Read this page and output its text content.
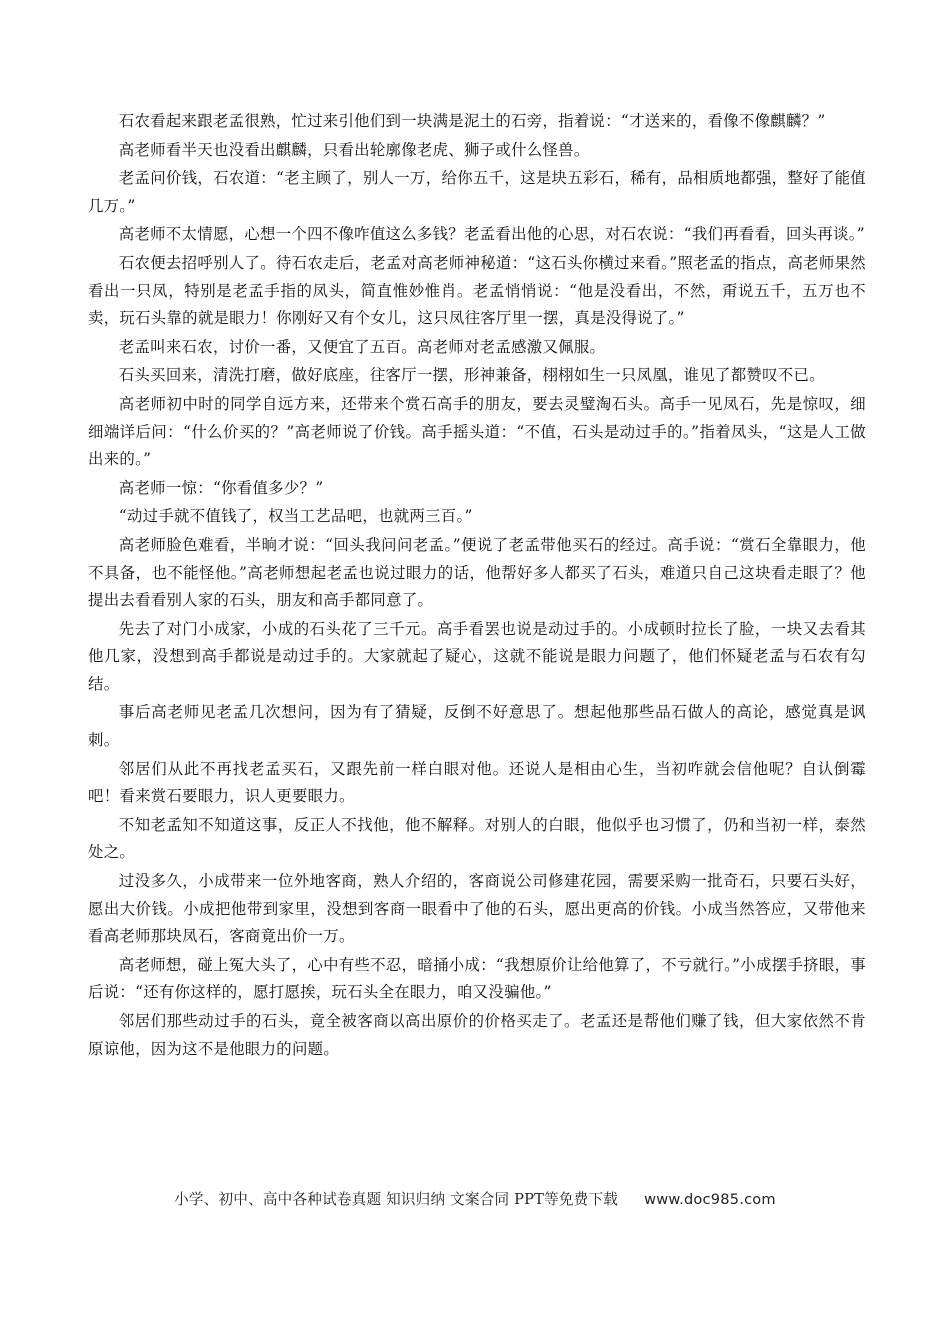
石农看起来跟老孟很熟，忙过来引他们到一块满是泥土的石旁，指着说：“才送来的，看像不像麒麟？”

高老师看半天也没看出麒麟，只看出轮廓像老虎、狮子或什么怪兽。

老孟问价钱，石农道：“老主顾了，别人一万，给你五千，这是块五彩石，稀有，品相质地都强，整好了能值几万。”

高老师不太情愿，心想一个四不像咋值这么多钱？老孟看出他的心思，对石农说：“我们再看看，回头再谈。”

石农便去招呼别人了。待石农走后，老孟对高老师神秘道：“这石头你横过来看。”照老孟的指点，高老师果然看出一只凤，特别是老孟手指的凤头，简直惟妙惟肖。老孟悄悄说：“他是没看出，不然，甭说五千，五万也不卖，玩石头靠的就是眼力！你刚好又有个女儿，这只凤往客厅里一摆，真是没得说了。”

老孟叫来石农，讨价一番，又便宜了五百。高老师对老孟感激又佩服。

石头买回来，清洗打磨，做好底座，往客厅一摆，形神兼备，栩栩如生一只凤凰，谁见了都赞叹不已。

高老师初中时的同学自远方来，还带来个赏石高手的朋友，要去灵璧淘石头。高手一见凤石，先是惊叹，细细端详后问：“什么价买的？”高老师说了价钱。高手摇头道：“不值，石头是动过手的。”指着凤头，“这是人工做出来的。”

高老师一惊：“你看值多少？”

“动过手就不值钱了，权当工艺品吧，也就两三百。”

高老师脸色难看，半晌才说：“回头我问问老孟。”便说了老孟带他买石的经过。高手说：“赏石全靠眼力，他不具备，也不能怪他。”高老师想起老孟也说过眼力的话，他帮好多人都买了石头，难道只自己这块看走眼了？他提出去看看别人家的石头，朋友和高手都同意了。

先去了对门小成家，小成的石头花了三千元。高手看罢也说是动过手的。小成顿时拉长了脸，一块又去看其他几家，没想到高手都说是动过手的。大家就起了疑心，这就不能说是眼力问题了，他们怀疑老孟与石农有勾结。

事后高老师见老孟几次想问，因为有了猜疑，反倒不好意思了。想起他那些品石做人的高论，感觉真是讽刺。

邻居们从此不再找老孟买石，又跟先前一样白眼对他。还说人是相由心生，当初咋就会信他呢？自认倒霉吧！看来赏石要眼力，识人更要眼力。

不知老孟知不知道这事，反正人不找他，他不解释。对别人的白眼，他似乎也习惯了，仍和当初一样，泰然处之。

过没多久，小成带来一位外地客商，熟人介绍的，客商说公司修建花园，需要采购一批奇石，只要石头好，愿出大价钱。小成把他带到家里，没想到客商一眼看中了他的石头，愿出更高的价钱。小成当然答应，又带他来看高老师那块凤石，客商竟出价一万。

高老师想，碰上冤大头了，心中有些不忍，暗捅小成：“我想原价让给他算了，不亏就行。”小成摆手挤眼，事后说：“还有你这样的，愿打愿挨，玩石头全在眼力，咱又没骗他。”

邻居们那些动过手的石头，竟全被客商以高出原价的价格买走了。老孟还是帮他们赚了钱，但大家依然不肯原谅他，因为这不是他眼力的问题。

小学、初中、高中各种试卷真题 知识归纳 文案合同 PPT等免费下载 www.doc985.com
